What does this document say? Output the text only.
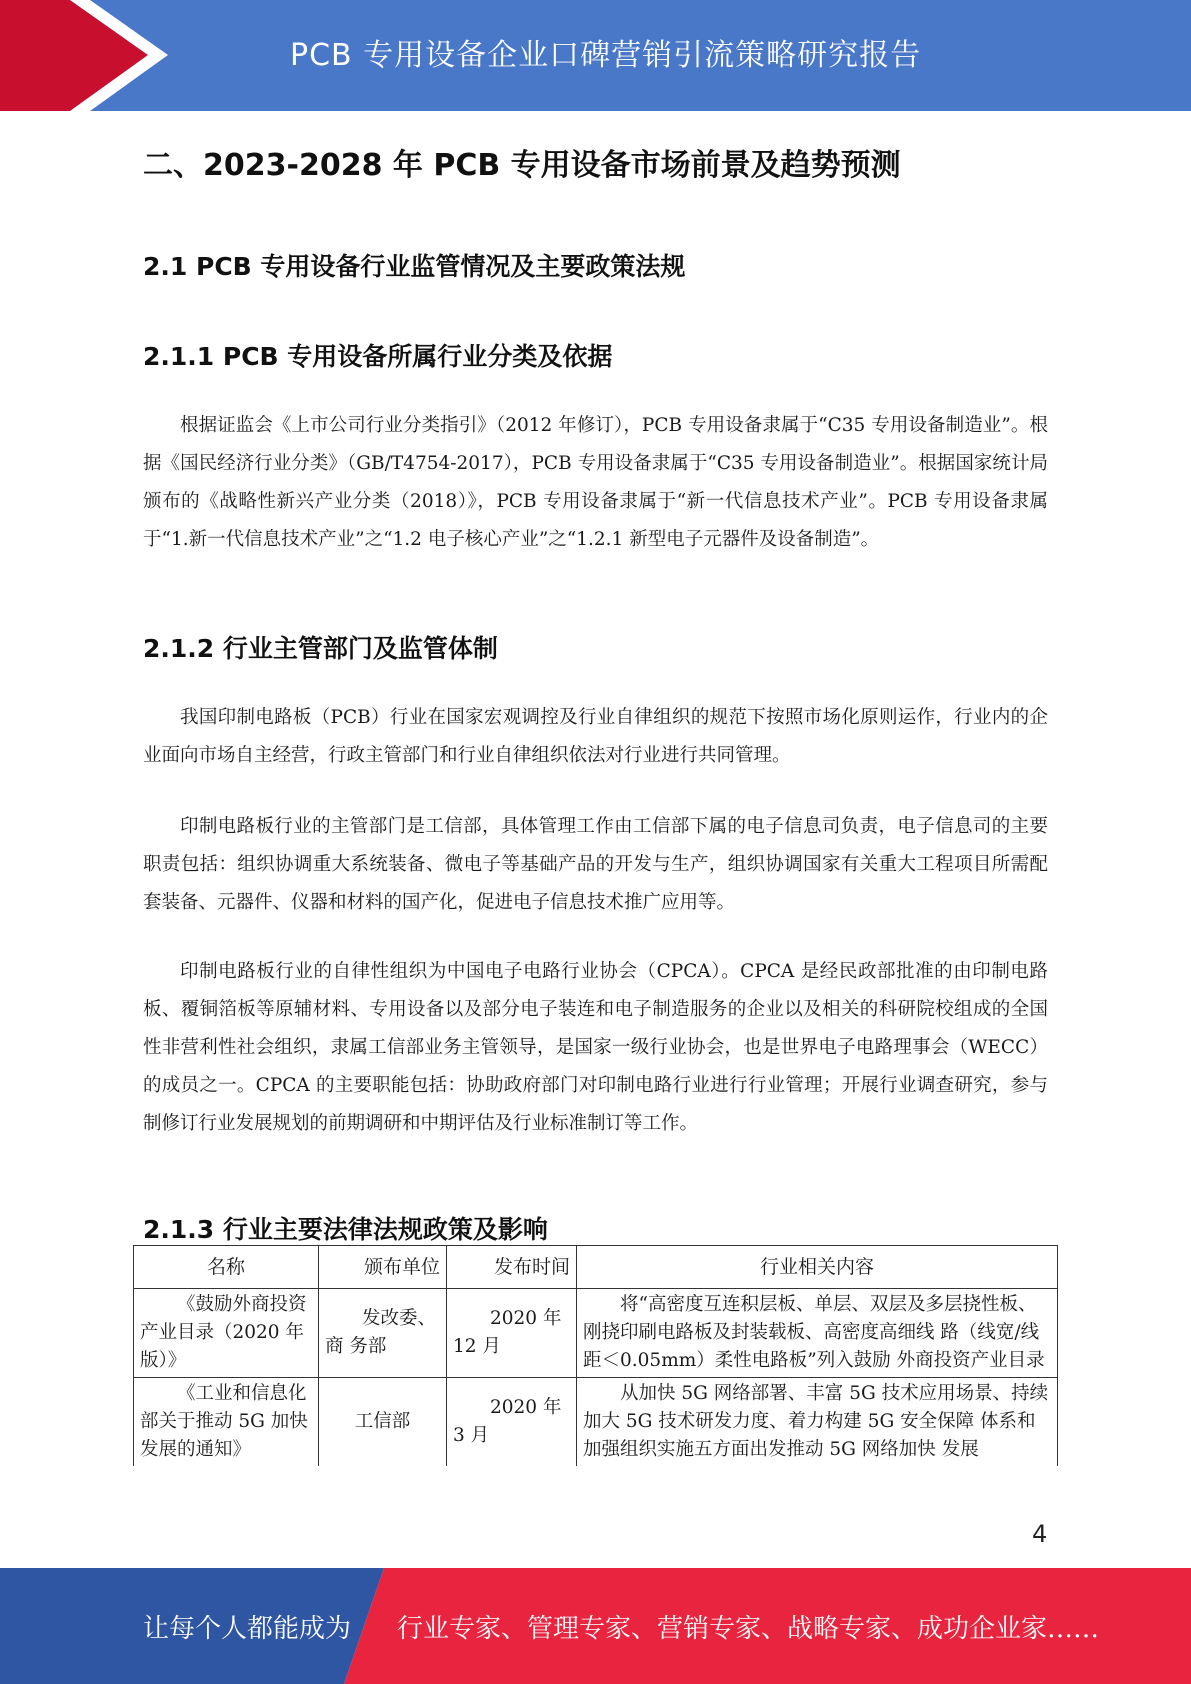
PCB 专用设备企业口碑营销引流策略研究报告
二、2023-2028 年 PCB 专用设备市场前景及趋势预测
2.1 PCB 专用设备行业监管情况及主要政策法规
2.1.1 PCB 专用设备所属行业分类及依据
根据证监会《上市公司行业分类指引》（2012 年修订），PCB 专用设备隶属于“C35 专用设备制造业”。根据《国民经济行业分类》（GB/T4754-2017），PCB 专用设备隶属于“C35 专用设备制造业”。根据国家统计局颁布的《战略性新兴产业分类（2018）》，PCB 专用设备隶属于“新一代信息技术产业”。PCB 专用设备隶属于“1.新一代信息技术产业”之“1.2 电子核心产业”之“1.2.1 新型电子元器件及设备制造”。
2.1.2 行业主管部门及监管体制
我国印制电路板（PCB）行业在国家宏观调控及行业自律组织的规范下按照市场化原则运作，行业内的企业面向市场自主经营，行政主管部门和行业自律组织依法对行业进行共同管理。
印制电路板行业的主管部门是工信部，具体管理工作由工信部下属的电子信息司负责，电子信息司的主要职责包括：组织协调重大系统装备、微电子等基础产品的开发与生产，组织协调国家有关重大工程项目所需配套装备、元器件、仪器和材料的国产化，促进电子信息技术推广应用等。
印制电路板行业的自律性组织为中国电子电路行业协会（CPCA）。CPCA 是经民政部批准的由印制电路板、覆铜箔板等原辅材料、专用设备以及部分电子装连和电子制造服务的企业以及相关的科研院校组成的全国性非营利性社会组织，隶属工信部业务主管领导，是国家一级行业协会，也是世界电子电路理事会（WECC）的成员之一。CPCA 的主要职能包括：协助政府部门对印制电路行业进行行业管理；开展行业调查研究，参与制修订行业发展规划的前期调研和中期评估及行业标准制订等工作。
2.1.3 行业主要法律法规政策及影响
名称	颁布单位	发布时间	行业相关内容
《鼓励外商投资产业目录（2020 年版）》	发改委、商 务部	2020 年 12 月	将“高密度互连积层板、单层、双层及多层挠性板、刚挠印刷电路板及封装载板、高密度高细线 路（线宽/线距＜0.05mm）柔性电路板”列入鼓励 外商投资产业目录
《工业和信息化部关于推动 5G 加快发展的通知》	工信部	2020 年 3 月	从加快 5G 网络部署、丰富 5G 技术应用场景、持续加大 5G 技术研发力度、着力构建 5G 安全保障 体系和加强组织实施五方面出发推动 5G 网络加快 发展
4
让每个人都能成为 行业专家、管理专家、营销专家、战略专家、成功企业家……
